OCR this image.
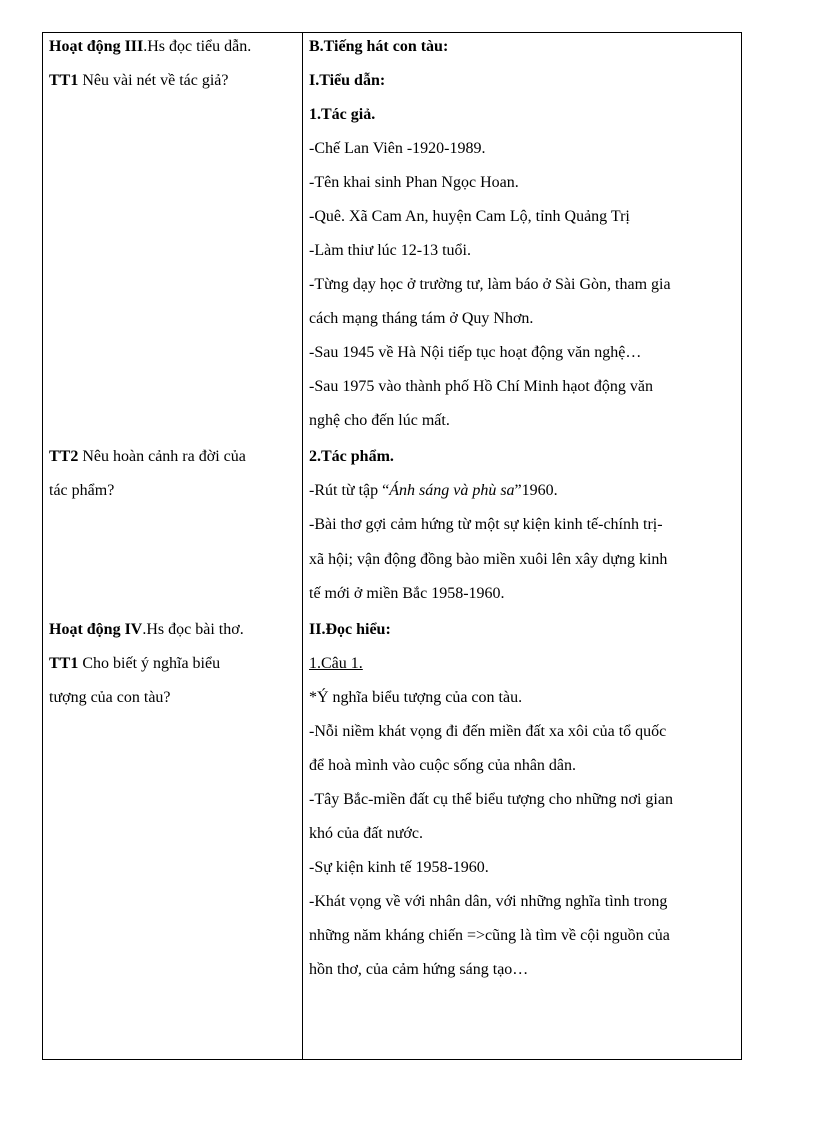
Hoạt động III.Hs đọc tiểu dẫn.
TT1 Nêu vài nét về tác giả?
TT2 Nêu hoàn cảnh ra đời của
tác phẩm?
Hoạt động IV.Hs đọc bài thơ.
TT1 Cho biết ý nghĩa biểu
tượng của con tàu?
B.Tiếng hát con tàu:
I.Tiểu dẫn:
1.Tác giả.
-Chế Lan Viên -1920-1989.
-Tên khai sinh Phan Ngọc Hoan.
-Quê. Xã Cam An, huyện Cam Lộ, tỉnh Quảng Trị
-Làm thiư lúc 12-13 tuổi.
-Từng dạy học ở trường tư, làm báo ở Sài Gòn, tham gia
cách mạng tháng tám ở Quy Nhơn.
-Sau 1945 về Hà Nội tiếp tục hoạt động văn nghệ…
-Sau 1975 vào thành phố Hồ Chí Minh hạot động văn
nghệ cho đến lúc mất.
2.Tác phẩm.
-Rút từ tập “Ánh sáng và phù sa”1960.
-Bài thơ gợi cảm hứng từ một sự kiện kinh tế-chính trị-
xã hội; vận động đồng bào miền xuôi lên xây dựng kinh
tế mới ở miền Bắc 1958-1960.
II.Đọc hiểu:
1.Câu 1.
*Ý nghĩa biểu tượng của con tàu.
-Nỗi niềm khát vọng đi đến miền đất xa xôi của tổ quốc
để hoà mình vào cuộc sống của nhân dân.
-Tây Bắc-miền đất cụ thể biểu tượng cho những nơi gian
khó của đất nước.
-Sự kiện kinh tế 1958-1960.
-Khát vọng về với nhân dân, với những nghĩa tình trong
những năm kháng chiến =>cũng là tìm về cội nguồn của
hồn thơ, của cảm hứng sáng tạo…
